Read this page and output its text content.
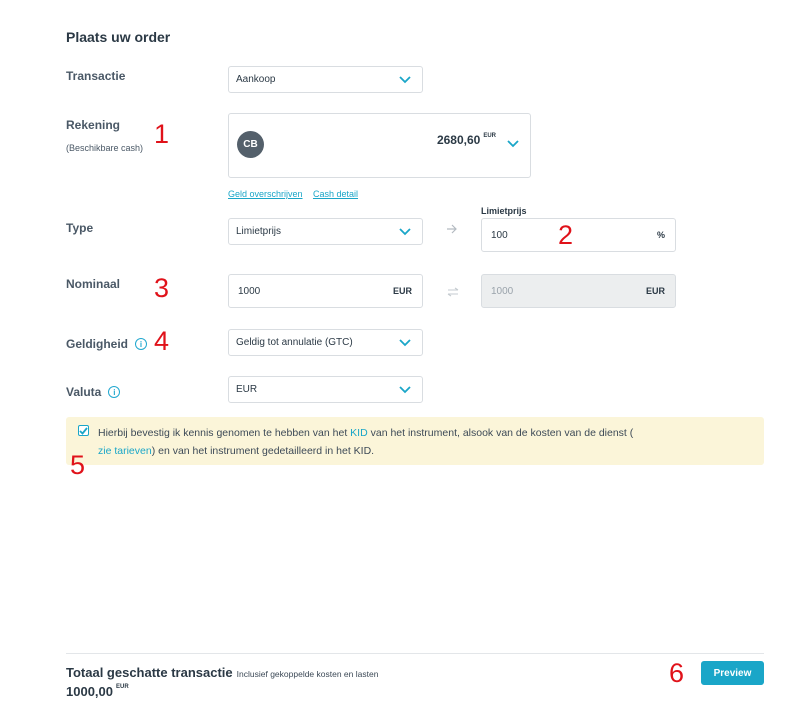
Plaats uw order
Transactie	Aankoop
Rekening
(Beschikbare cash) 1	CB	2680,60 $^{EUR}$
Geld overschrijven Cash detail
Type	Limietprijs
Limietprijs
100	%
2
Nominaal 3	1000	EUR	1000	EUR
Geldigheid	i 4	Geldig tot annulatie (GTC)
Valuta	i	EUR
Hierbij bevestig ik kennis genomen te hebben van het KID van het instrument, alsook van de kosten van de dienst (
zie tarieven) en van het instrument gedetailleerd in het KID.
5
Totaal geschatte transactie Inclusief gekoppelde kosten en lasten
1000,00 $^{EUR}$	6	Preview
